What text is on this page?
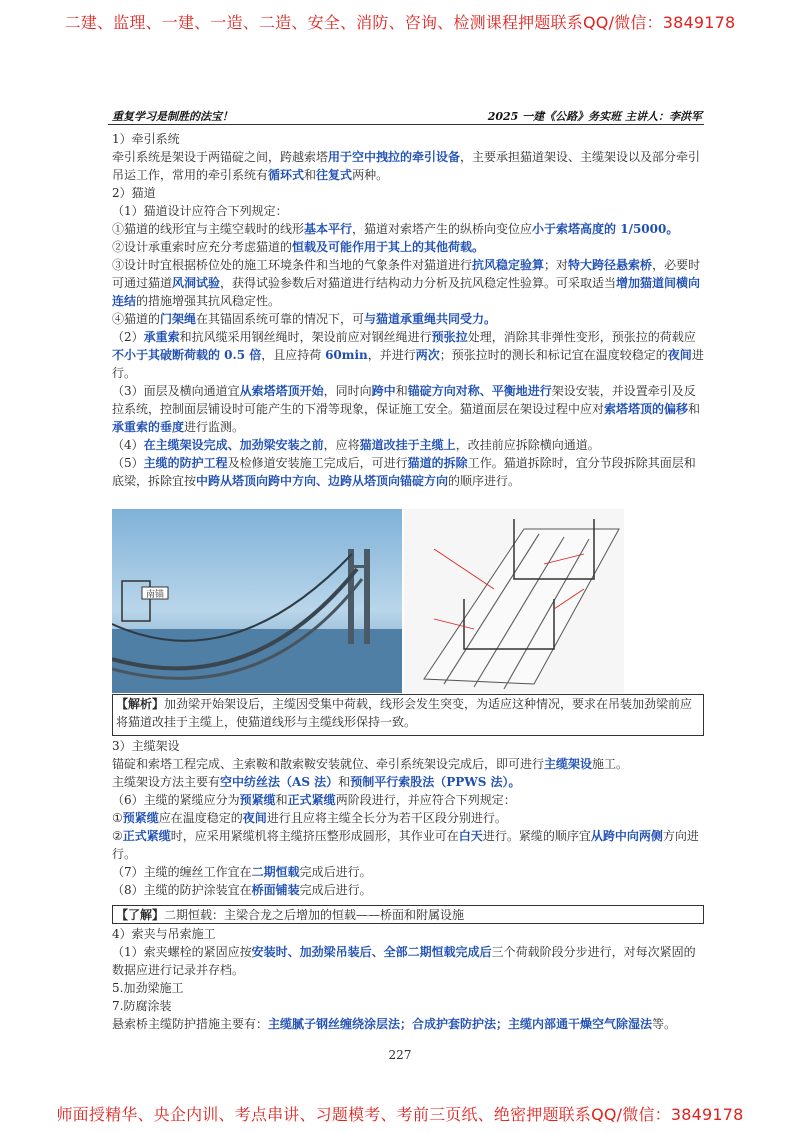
二建、监理、一建、一造、二造、安全、消防、咨询、检测课程押题联系QQ/微信：3849178
重复学习是制胜的法宝！	2025 一建《公路》务实班 主讲人：李洪军

1）牵引系统

牵引系统是架设于两锚碇之间，跨越索塔用于空中拽拉的牵引设备，主要承担猫道架设、主缆架设以及部分牵引吊运工作，常用的牵引系统有循环式和往复式两种。

2）猫道

（1）猫道设计应符合下列规定：

①猫道的线形宜与主缆空载时的线形基本平行，猫道对索塔产生的纵桥向变位应小于索塔高度的 1/5000。

②设计承重索时应充分考虑猫道的恒载及可能作用于其上的其他荷载。

③设计时宜根据桥位处的施工环境条件和当地的气象条件对猫道进行抗风稳定验算；对特大跨径悬索桥，必要时可通过猫道风洞试验，获得试验参数后对猫道进行结构动力分析及抗风稳定性验算。可采取适当增加猫道间横向连结的措施增强其抗风稳定性。

④猫道的门架绳在其锚固系统可靠的情况下，可与猫道承重绳共同受力。

（2）承重索和抗风缆采用钢丝绳时，架设前应对钢丝绳进行预张拉处理，消除其非弹性变形，预张拉的荷载应不小于其破断荷载的 0.5 倍，且应持荷 60min，并进行两次；预张拉时的测长和标记宜在温度较稳定的夜间进行。

（3）面层及横向通道宜从索塔塔顶开始，同时向跨中和锚碇方向对称、平衡地进行架设安装，并设置牵引及反拉系统，控制面层铺设时可能产生的下滑等现象，保证施工安全。猫道面层在架设过程中应对索塔塔顶的偏移和承重索的垂度进行监测。

（4）在主缆架设完成、加劲梁安装之前，应将猫道改挂于主缆上，改挂前应拆除横向通道。

（5）主缆的防护工程及检修道安装施工完成后，可进行猫道的拆除工作。猫道拆除时，宜分节段拆除其面层和底梁，拆除宜按中跨从塔顶向跨中方向、边跨从塔顶向锚碇方向的顺序进行。

南锚
【解析】加劲梁开始架设后，主缆因受集中荷载，线形会发生突变，为适应这种情况，要求在吊装加劲梁前应将猫道改挂于主缆上，使猫道线形与主缆线形保持一致。

3）主缆架设

锚碇和索塔工程完成、主索鞍和散索鞍安装就位、牵引系统架设完成后，即可进行主缆架设施工。

主缆架设方法主要有空中纺丝法（AS 法）和预制平行索股法（PPWS 法）。

（6）主缆的紧缆应分为预紧缆和正式紧缆两阶段进行，并应符合下列规定：

①预紧缆应在温度稳定的夜间进行且应将主缆全长分为若干区段分别进行。

②正式紧缆时，应采用紧缆机将主缆挤压整形成圆形，其作业可在白天进行。紧缆的顺序宜从跨中向两侧方向进行。

（7）主缆的缠丝工作宜在二期恒载完成后进行。

（8）主缆的防护涂装宜在桥面铺装完成后进行。

【了解】二期恒载：主梁合龙之后增加的恒载——桥面和附属设施

4）索夹与吊索施工

（1）索夹螺栓的紧固应按安装时、加劲梁吊装后、全部二期恒载完成后三个荷载阶段分步进行，对每次紧固的数据应进行记录并存档。

5.加劲梁施工

7.防腐涂装

悬索桥主缆防护措施主要有：主缆腻子钢丝缠绕涂层法；合成护套防护法；主缆内部通干燥空气除湿法等。

227
师面授精华、央企内训、考点串讲、习题模考、考前三页纸、绝密押题联系QQ/微信：3849178
